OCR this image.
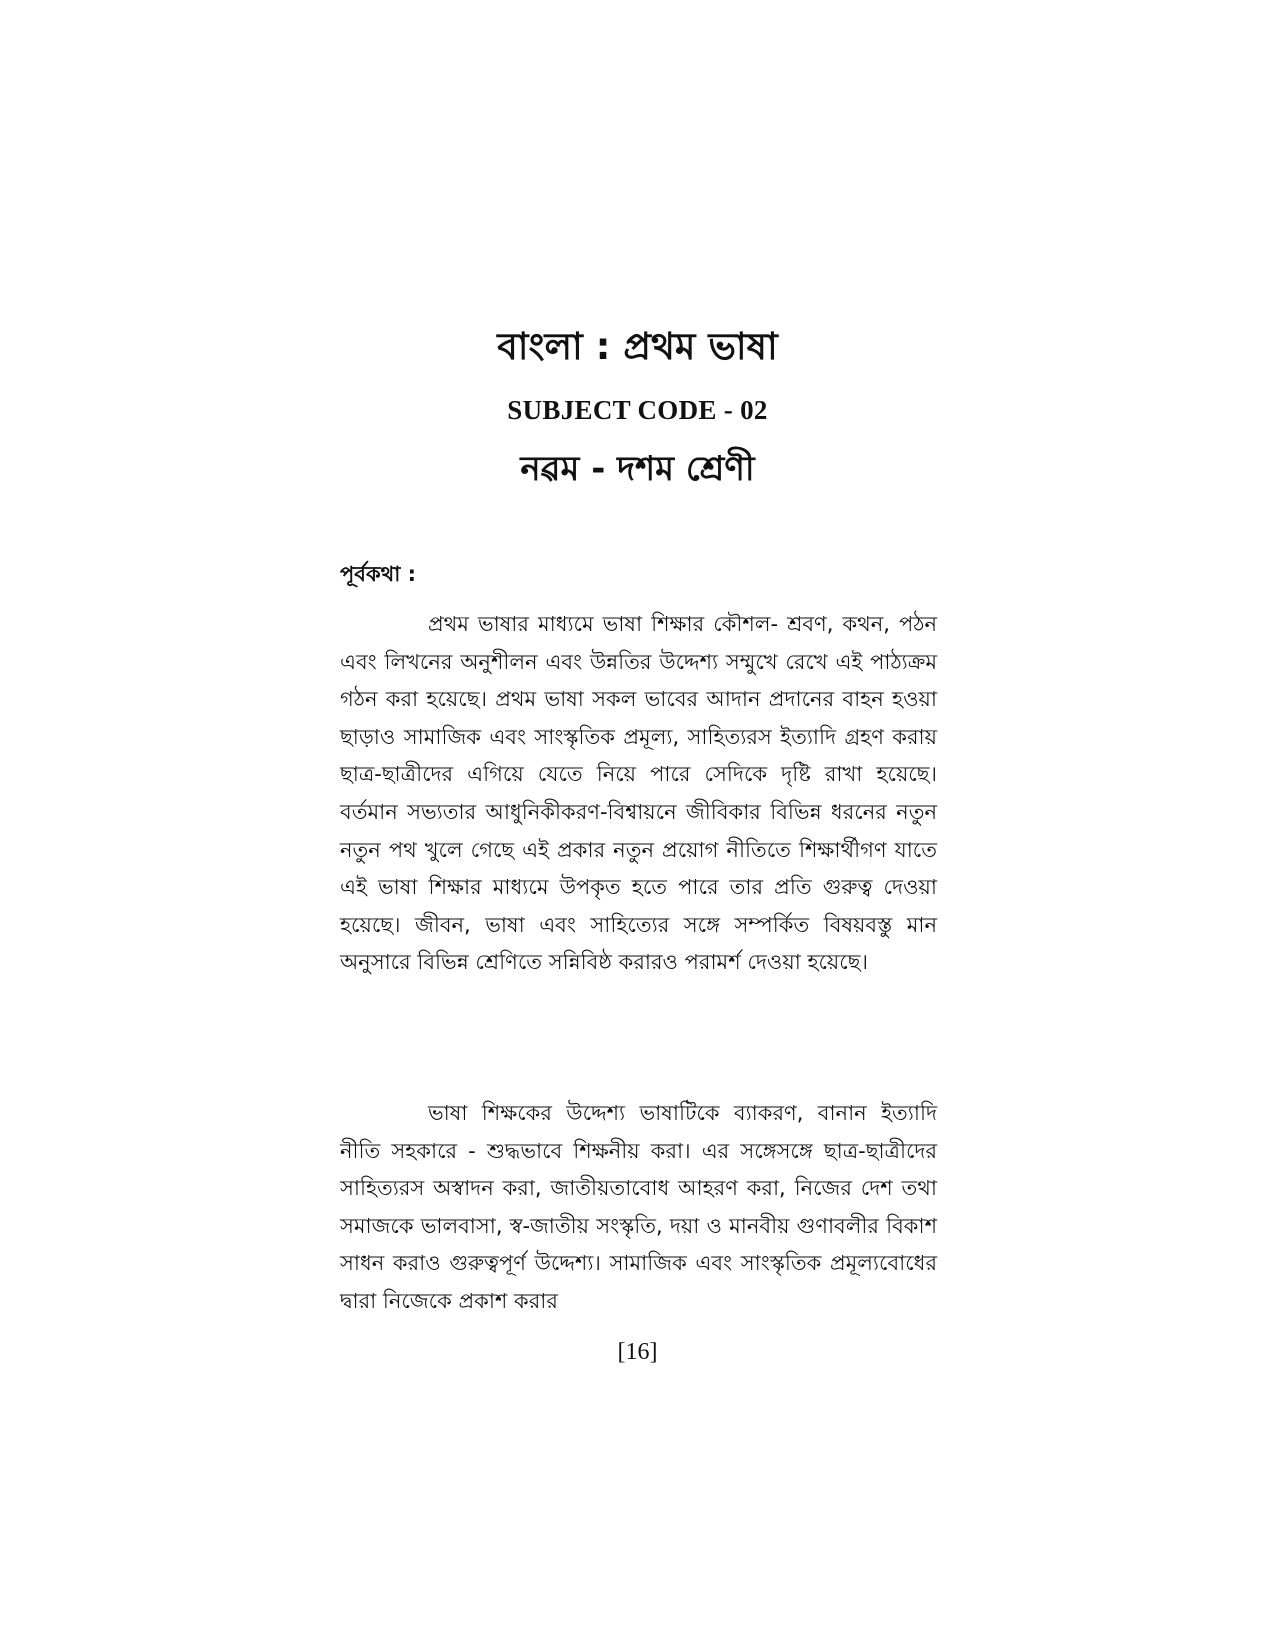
বাংলা : প্রথম ভাষা
SUBJECT CODE - 02
নৱম - দশম শ্রেণী
পূর্বকথা :

প্রথম ভাষার মাধ্যমে ভাষা শিক্ষার কৌশল- শ্রবণ, কথন, পঠন এবং লিখনের অনুশীলন এবং উন্নতির উদ্দেশ্য সম্মুখে রেখে এই পাঠ্যক্রম গঠন করা হয়েছে। প্রথম ভাষা সকল ভাবের আদান প্রদানের বাহন হওয়া ছাড়াও সামাজিক এবং সাংস্কৃতিক প্রমূল্য, সাহিত্যরস ইত্যাদি গ্রহণ করায় ছাত্র-ছাত্রীদের এগিয়ে যেতে নিয়ে পারে সেদিকে দৃষ্টি রাখা হয়েছে। বর্তমান সভ্যতার আধুনিকীকরণ-বিশ্বায়নে জীবিকার বিভিন্ন ধরনের নতুন নতুন পথ খুলে গেছে এই প্রকার নতুন প্রয়োগ নীতিতে শিক্ষার্থীগণ যাতে এই ভাষা শিক্ষার মাধ্যমে উপকৃত হতে পারে তার প্রতি গুরুত্ব দেওয়া হয়েছে। জীবন, ভাষা এবং সাহিত্যের সঙ্গে সম্পর্কিত বিষয়বস্তু মান অনুসারে বিভিন্ন শ্রেণিতে সন্নিবিষ্ঠ করারও পরামর্শ দেওয়া হয়েছে।

ভাষা শিক্ষকের উদ্দেশ্য ভাষাটিকে ব্যাকরণ, বানান ইত্যাদি নীতি সহকারে - শুদ্ধভাবে শিক্ষনীয় করা। এর সঙ্গেসঙ্গে ছাত্র-ছাত্রীদের সাহিত্যরস অস্বাদন করা, জাতীয়তাবোধ আহরণ করা, নিজের দেশ তথা সমাজকে ভালবাসা, স্ব-জাতীয় সংস্কৃতি, দয়া ও মানবীয় গুণাবলীর বিকাশ সাধন করাও গুরুত্বপূর্ণ উদ্দেশ্য। সামাজিক এবং সাংস্কৃতিক প্রমূল্যবোধের দ্বারা নিজেকে প্রকাশ করার

[16]
